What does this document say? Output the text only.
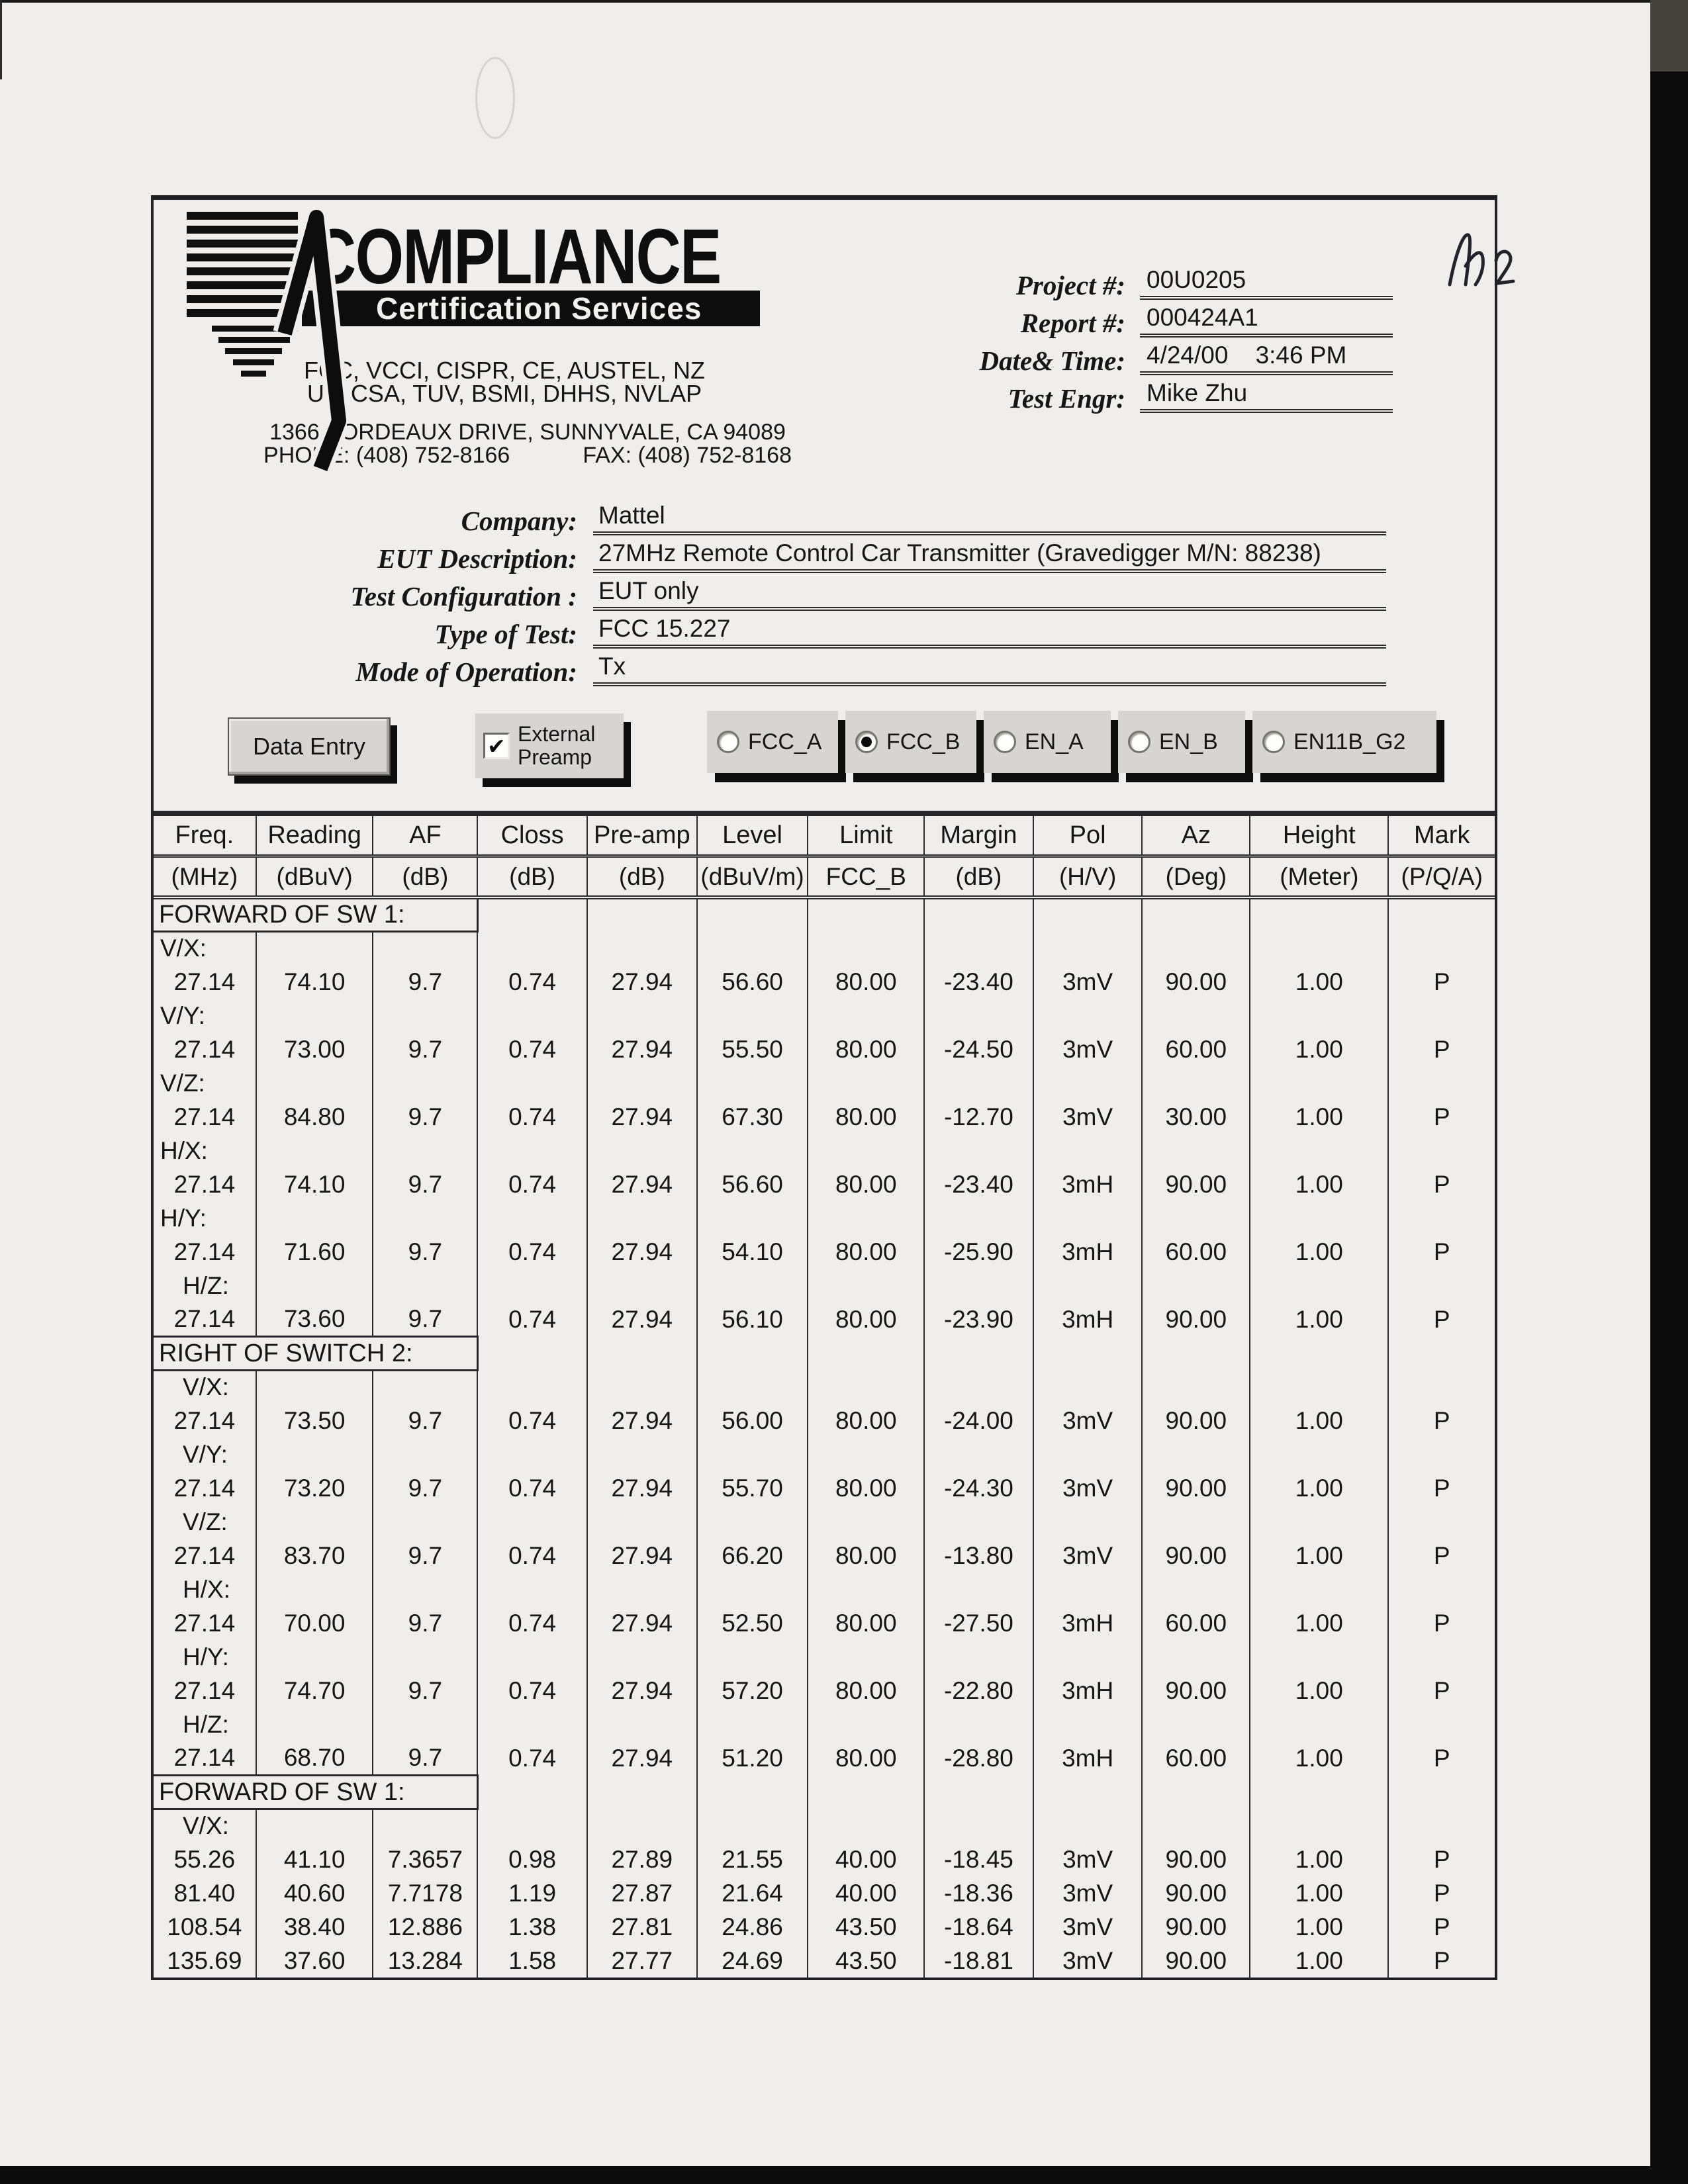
COMPLIANCE
Certification Services
FCC, VCCI, CISPR, CE, AUSTEL, NZ
UL, CSA, TUV, BSMI, DHHS, NVLAP
1366 BORDEAUX DRIVE, SUNNYVALE, CA 94089
PHONE: (408) 752-8166	FAX: (408) 752-8168
Project #: 00U0205
Report #: 000424A1
Date& Time: 4/24/00    3:46 PM
Test Engr: Mike Zhu
Company: Mattel
EUT Description: 27MHz Remote Control Car Transmitter (Gravedigger M/N: 88238)
Test Configuration : EUT only
Type of Test: FCC 15.227
Mode of Operation: Tx
Data Entry	✔ External
Preamp
FCC_A	FCC_B	EN_A	EN_B	EN11B_G2
Freq.	Reading	AF	Closs	Pre-amp	Level	Limit	Margin	Pol	Az	Height	Mark
(MHz)	(dBuV)	(dB)	(dB)	(dB)	(dBuV/m)	FCC_B	(dB)	(H/V)	(Deg)	(Meter)	(P/Q/A)
FORWARD OF SW 1:											
V/X:											
27.14	74.10	9.7	0.74	27.94	56.60	80.00	-23.40	3mV	90.00	1.00	P
V/Y:											
27.14	73.00	9.7	0.74	27.94	55.50	80.00	-24.50	3mV	60.00	1.00	P
V/Z:											
27.14	84.80	9.7	0.74	27.94	67.30	80.00	-12.70	3mV	30.00	1.00	P
H/X:											
27.14	74.10	9.7	0.74	27.94	56.60	80.00	-23.40	3mH	90.00	1.00	P
H/Y:											
27.14	71.60	9.7	0.74	27.94	54.10	80.00	-25.90	3mH	60.00	1.00	P
H/Z:											
27.14	73.60	9.7	0.74	27.94	56.10	80.00	-23.90	3mH	90.00	1.00	P
RIGHT OF SWITCH 2:											
V/X:											
27.14	73.50	9.7	0.74	27.94	56.00	80.00	-24.00	3mV	90.00	1.00	P
V/Y:											
27.14	73.20	9.7	0.74	27.94	55.70	80.00	-24.30	3mV	90.00	1.00	P
V/Z:											
27.14	83.70	9.7	0.74	27.94	66.20	80.00	-13.80	3mV	90.00	1.00	P
H/X:											
27.14	70.00	9.7	0.74	27.94	52.50	80.00	-27.50	3mH	60.00	1.00	P
H/Y:											
27.14	74.70	9.7	0.74	27.94	57.20	80.00	-22.80	3mH	90.00	1.00	P
H/Z:											
27.14	68.70	9.7	0.74	27.94	51.20	80.00	-28.80	3mH	60.00	1.00	P
FORWARD OF SW 1:											
V/X:											
55.26	41.10	7.3657	0.98	27.89	21.55	40.00	-18.45	3mV	90.00	1.00	P
81.40	40.60	7.7178	1.19	27.87	21.64	40.00	-18.36	3mV	90.00	1.00	P
108.54	38.40	12.886	1.38	27.81	24.86	43.50	-18.64	3mV	90.00	1.00	P
135.69	37.60	13.284	1.58	27.77	24.69	43.50	-18.81	3mV	90.00	1.00	P
